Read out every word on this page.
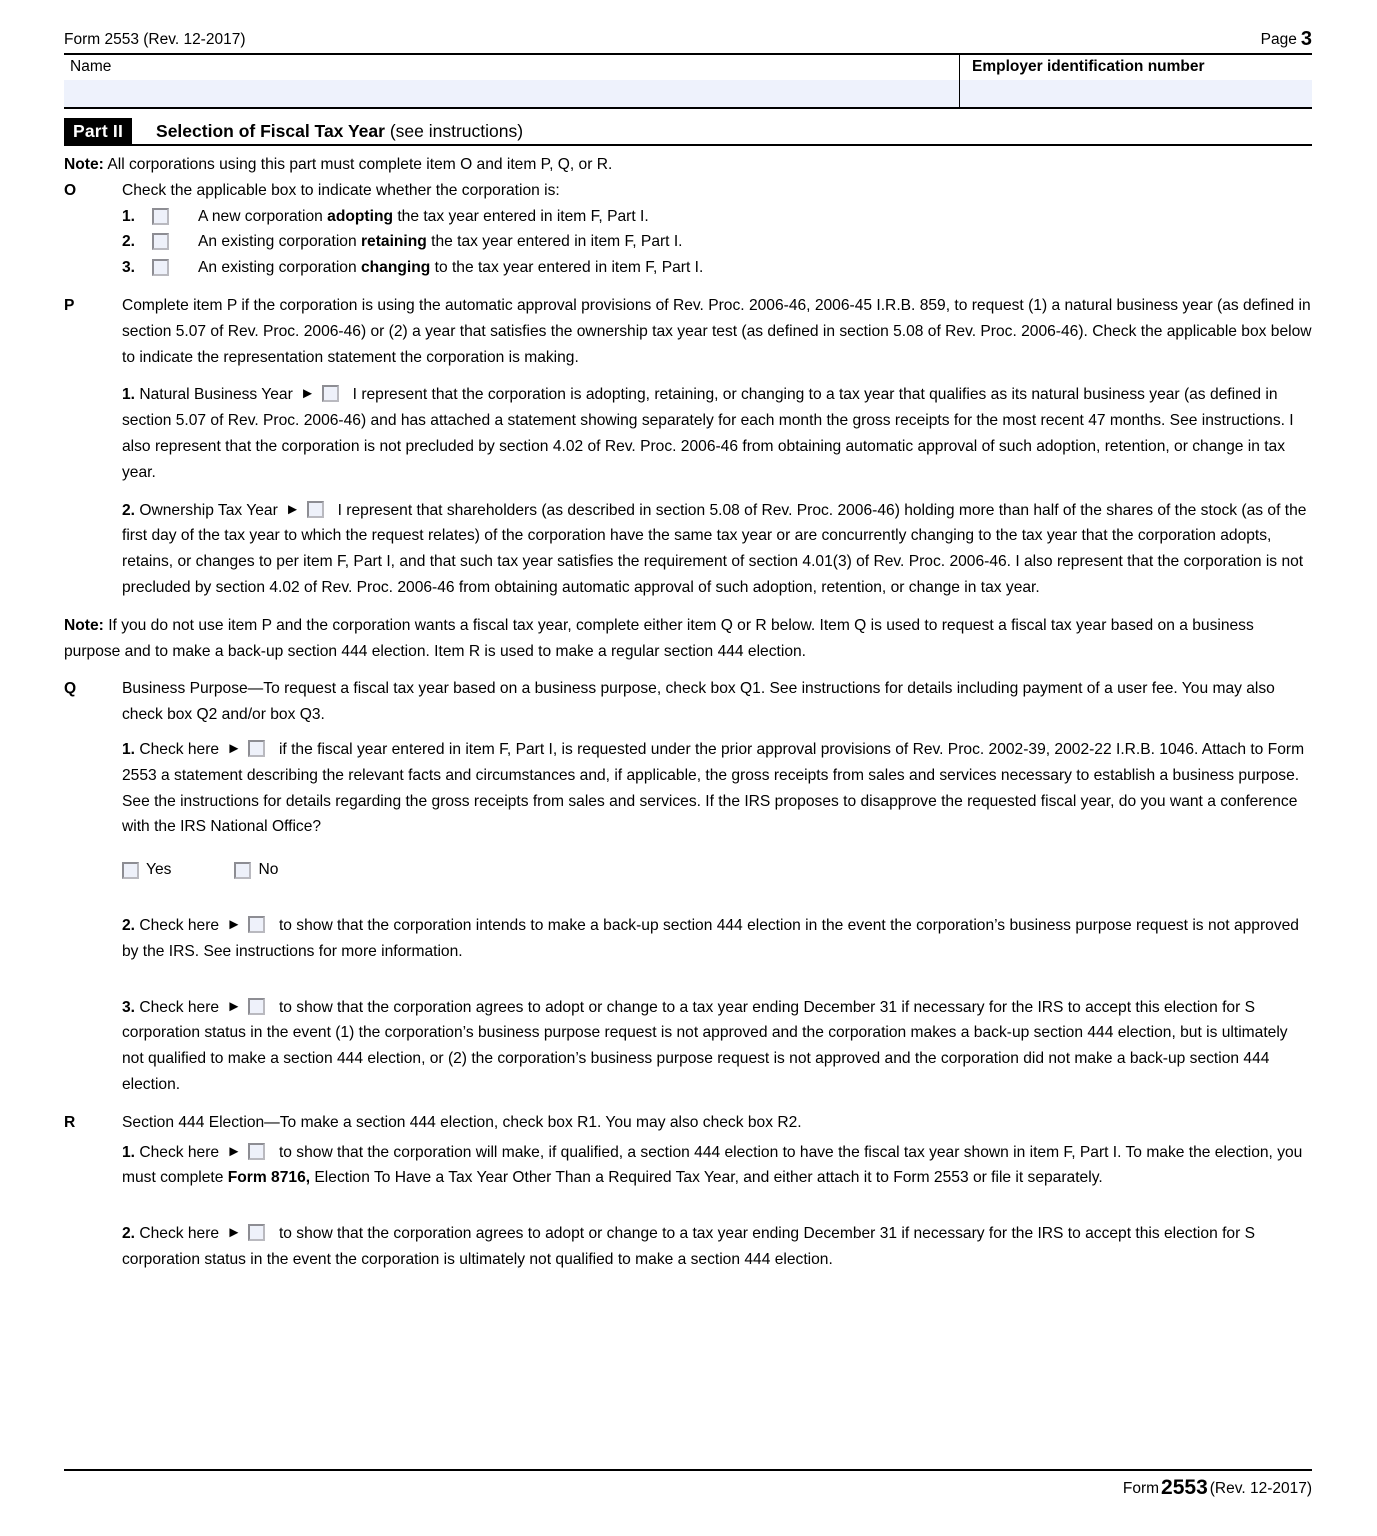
Form 2553 (Rev. 12-2017)	Page 3
Name	Employer identification number
Part II	Selection of Fiscal Tax Year (see instructions)
Note: All corporations using this part must complete item O and item P, Q, or R.
O	Check the applicable box to indicate whether the corporation is:
1.	A new corporation adopting the tax year entered in item F, Part I.
2.	An existing corporation retaining the tax year entered in item F, Part I.
3.	An existing corporation changing to the tax year entered in item F, Part I.
P	Complete item P if the corporation is using the automatic approval provisions of Rev. Proc. 2006-46, 2006-45 I.R.B. 859, to request (1) a natural business year (as defined in section 5.07 of Rev. Proc. 2006-46) or (2) a year that satisfies the ownership tax year test (as defined in section 5.08 of Rev. Proc. 2006-46). Check the applicable box below to indicate the representation statement the corporation is making.
1. Natural Business Year ► I represent that the corporation is adopting, retaining, or changing to a tax year that qualifies as its natural business year (as defined in section 5.07 of Rev. Proc. 2006-46) and has attached a statement showing separately for each month the gross receipts for the most recent 47 months. See instructions. I also represent that the corporation is not precluded by section 4.02 of Rev. Proc. 2006-46 from obtaining automatic approval of such adoption, retention, or change in tax year.
2. Ownership Tax Year ► I represent that shareholders (as described in section 5.08 of Rev. Proc. 2006-46) holding more than half of the shares of the stock (as of the first day of the tax year to which the request relates) of the corporation have the same tax year or are concurrently changing to the tax year that the corporation adopts, retains, or changes to per item F, Part I, and that such tax year satisfies the requirement of section 4.01(3) of Rev. Proc. 2006-46. I also represent that the corporation is not precluded by section 4.02 of Rev. Proc. 2006-46 from obtaining automatic approval of such adoption, retention, or change in tax year.
Note: If you do not use item P and the corporation wants a fiscal tax year, complete either item Q or R below. Item Q is used to request a fiscal tax year based on a business purpose and to make a back-up section 444 election. Item R is used to make a regular section 444 election.
Q	Business Purpose—To request a fiscal tax year based on a business purpose, check box Q1. See instructions for details including payment of a user fee. You may also check box Q2 and/or box Q3.
1. Check here ► if the fiscal year entered in item F, Part I, is requested under the prior approval provisions of Rev. Proc. 2002-39, 2002-22 I.R.B. 1046. Attach to Form 2553 a statement describing the relevant facts and circumstances and, if applicable, the gross receipts from sales and services necessary to establish a business purpose. See the instructions for details regarding the gross receipts from sales and services. If the IRS proposes to disapprove the requested fiscal year, do you want a conference with the IRS National Office?
Yes	No
2. Check here ► to show that the corporation intends to make a back-up section 444 election in the event the corporation’s business purpose request is not approved by the IRS. See instructions for more information.
3. Check here ► to show that the corporation agrees to adopt or change to a tax year ending December 31 if necessary for the IRS to accept this election for S corporation status in the event (1) the corporation’s business purpose request is not approved and the corporation makes a back-up section 444 election, but is ultimately not qualified to make a section 444 election, or (2) the corporation’s business purpose request is not approved and the corporation did not make a back-up section 444 election.
R	Section 444 Election—To make a section 444 election, check box R1. You may also check box R2.
1. Check here ► to show that the corporation will make, if qualified, a section 444 election to have the fiscal tax year shown in item F, Part I. To make the election, you must complete Form 8716, Election To Have a Tax Year Other Than a Required Tax Year, and either attach it to Form 2553 or file it separately.
2. Check here ► to show that the corporation agrees to adopt or change to a tax year ending December 31 if necessary for the IRS to accept this election for S corporation status in the event the corporation is ultimately not qualified to make a section 444 election.
Form2553 (Rev. 12-2017)
